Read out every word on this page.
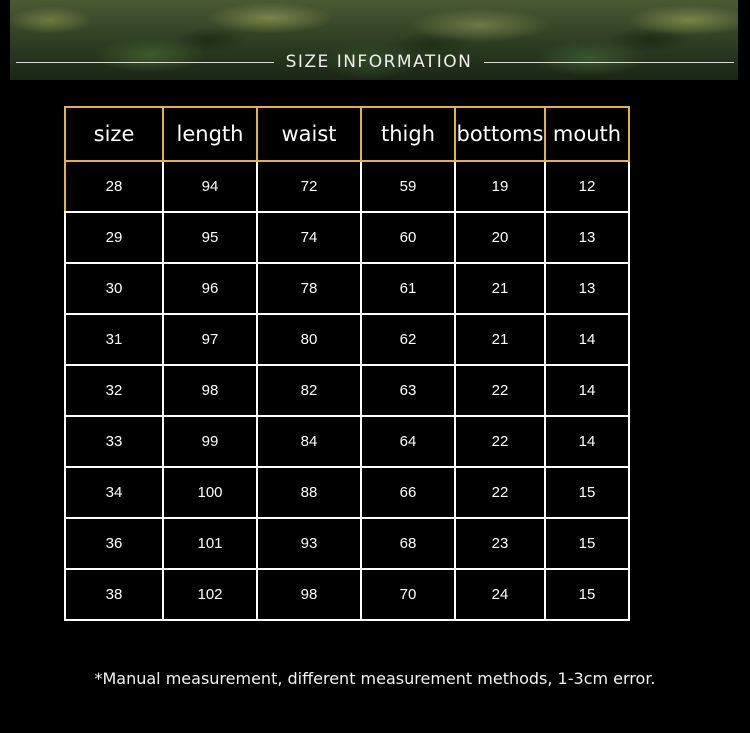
SIZE INFORMATION
size	length	waist	thigh	bottoms	mouth
28	94	72	59	19	12
29	95	74	60	20	13
30	96	78	61	21	13
31	97	80	62	21	14
32	98	82	63	22	14
33	99	84	64	22	14
34	100	88	66	22	15
36	101	93	68	23	15
38	102	98	70	24	15
*Manual measurement, different measurement methods, 1-3cm error.
